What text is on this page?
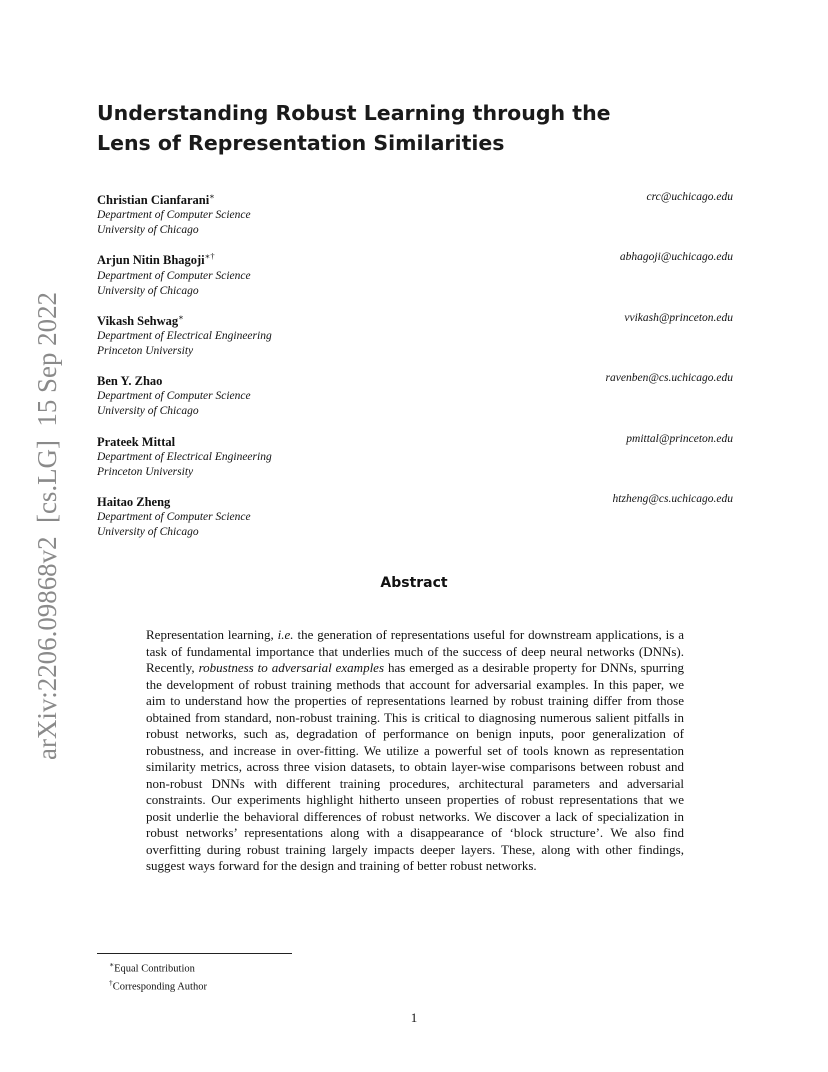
arXiv:2206.09868v2  [cs.LG]  15 Sep 2022
Understanding Robust Learning through the
Lens of Representation Similarities
Christian Cianfarani∗
Department of Computer Science
University of Chicago
crc@uchicago.edu
Arjun Nitin Bhagoji∗†
Department of Computer Science
University of Chicago
abhagoji@uchicago.edu
Vikash Sehwag∗
Department of Electrical Engineering
Princeton University
vvikash@princeton.edu
Ben Y. Zhao
Department of Computer Science
University of Chicago
ravenben@cs.uchicago.edu
Prateek Mittal
Department of Electrical Engineering
Princeton University
pmittal@princeton.edu
Haitao Zheng
Department of Computer Science
University of Chicago
htzheng@cs.uchicago.edu
Abstract

Representation learning, i.e. the generation of representations useful for downstream applications, is a task of fundamental importance that underlies much of the success of deep neural networks (DNNs). Recently, robustness to adversarial examples has emerged as a desirable property for DNNs, spurring the development of robust training methods that account for adversarial examples. In this paper, we aim to understand how the properties of representations learned by robust training differ from those obtained from standard, non-robust training. This is critical to diagnosing numerous salient pitfalls in robust networks, such as, degradation of performance on benign inputs, poor generalization of robustness, and increase in over-fitting. We utilize a powerful set of tools known as representation similarity metrics, across three vision datasets, to obtain layer-wise comparisons between robust and non-robust DNNs with different training procedures, architectural parameters and adversarial constraints. Our experiments highlight hitherto unseen properties of robust representations that we posit underlie the behavioral differences of robust networks. We discover a lack of specialization in robust networks’ representations along with a disappearance of ‘block structure’. We also find overfitting during robust training largely impacts deeper layers. These, along with other findings, suggest ways forward for the design and training of better robust networks.

∗Equal Contribution
†Corresponding Author
1
